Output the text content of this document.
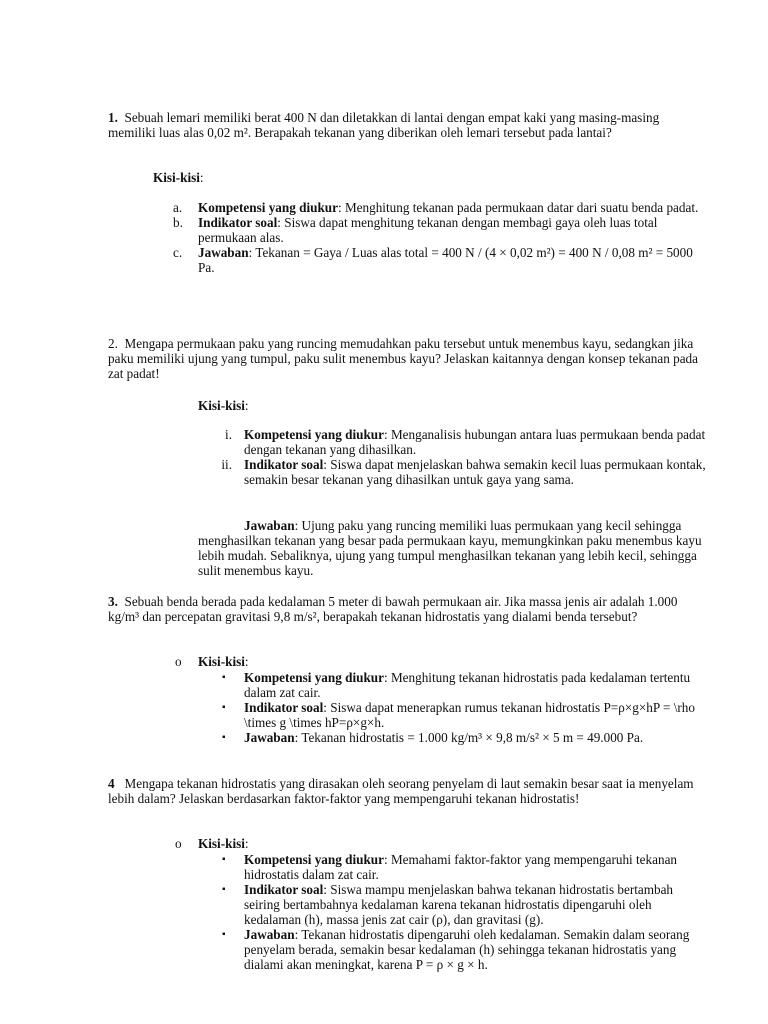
1. Sebuah lemari memiliki berat 400 N dan diletakkan di lantai dengan empat kaki yang masing-masing memiliki luas alas 0,02 m². Berapakah tekanan yang diberikan oleh lemari tersebut pada lantai?

Kisi-kisi:

a. Kompetensi yang diukur: Menghitung tekanan pada permukaan datar dari suatu benda padat.
b. Indikator soal: Siswa dapat menghitung tekanan dengan membagi gaya oleh luas total permukaan alas.
c. Jawaban: Tekanan = Gaya / Luas alas total = 400 N / (4 × 0,02 m²) = 400 N / 0,08 m² = 5000 Pa.

2. Mengapa permukaan paku yang runcing memudahkan paku tersebut untuk menembus kayu, sedangkan jika paku memiliki ujung yang tumpul, paku sulit menembus kayu? Jelaskan kaitannya dengan konsep tekanan pada zat padat!

Kisi-kisi:

i. Kompetensi yang diukur: Menganalisis hubungan antara luas permukaan benda padat dengan tekanan yang dihasilkan.
ii. Indikator soal: Siswa dapat menjelaskan bahwa semakin kecil luas permukaan kontak, semakin besar tekanan yang dihasilkan untuk gaya yang sama.

Jawaban: Ujung paku yang runcing memiliki luas permukaan yang kecil sehingga menghasilkan tekanan yang besar pada permukaan kayu, memungkinkan paku menembus kayu lebih mudah. Sebaliknya, ujung yang tumpul menghasilkan tekanan yang lebih kecil, sehingga sulit menembus kayu.

3. Sebuah benda berada pada kedalaman 5 meter di bawah permukaan air. Jika massa jenis air adalah 1.000 kg/m³ dan percepatan gravitasi 9,8 m/s², berapakah tekanan hidrostatis yang dialami benda tersebut?

o Kisi-kisi:

▪ Kompetensi yang diukur: Menghitung tekanan hidrostatis pada kedalaman tertentu dalam zat cair.
▪ Indikator soal: Siswa dapat menerapkan rumus tekanan hidrostatis P=ρ×g×hP = \rho \times g \times hP=ρ×g×h.
▪ Jawaban: Tekanan hidrostatis = 1.000 kg/m³ × 9,8 m/s² × 5 m = 49.000 Pa.

4 Mengapa tekanan hidrostatis yang dirasakan oleh seorang penyelam di laut semakin besar saat ia menyelam lebih dalam? Jelaskan berdasarkan faktor-faktor yang mempengaruhi tekanan hidrostatis!

o Kisi-kisi:

▪ Kompetensi yang diukur: Memahami faktor-faktor yang mempengaruhi tekanan hidrostatis dalam zat cair.
▪ Indikator soal: Siswa mampu menjelaskan bahwa tekanan hidrostatis bertambah seiring bertambahnya kedalaman karena tekanan hidrostatis dipengaruhi oleh kedalaman (h), massa jenis zat cair (ρ), dan gravitasi (g).
▪ Jawaban: Tekanan hidrostatis dipengaruhi oleh kedalaman. Semakin dalam seorang penyelam berada, semakin besar kedalaman (h) sehingga tekanan hidrostatis yang dialami akan meningkat, karena P = ρ × g × h.
